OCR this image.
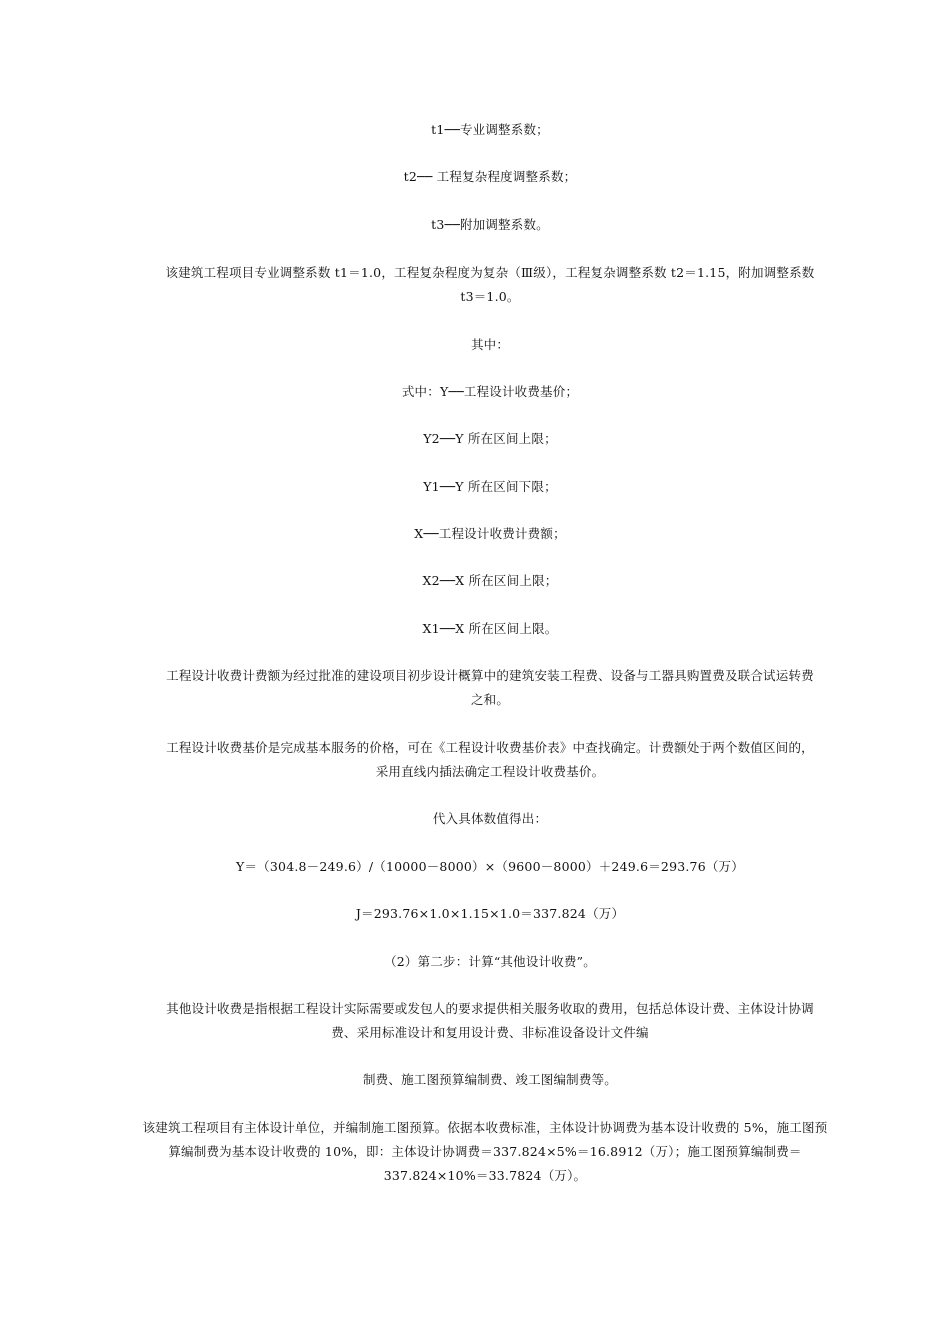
t1──专业调整系数；
t2── 工程复杂程度调整系数；
t3──附加调整系数。
该建筑工程项目专业调整系数 t1＝1.0，工程复杂程度为复杂（Ⅲ级），工程复杂调整系数 t2＝1.15，附加调整系数 t3＝1.0。
其中：
式中：Y──工程设计收费基价；
Y2──Y 所在区间上限；
Y1──Y 所在区间下限；
X──工程设计收费计费额；
X2──X 所在区间上限；
X1──X 所在区间上限。
工程设计收费计费额为经过批准的建设项目初步设计概算中的建筑安装工程费、设备与工器具购置费及联合试运转费之和。
工程设计收费基价是完成基本服务的价格，可在《工程设计收费基价表》中查找确定。计费额处于两个数值区间的，采用直线内插法确定工程设计收费基价。
代入具体数值得出：
Y＝（304.8－249.6）/（10000－8000）×（9600－8000）＋249.6＝293.76（万）
J＝293.76×1.0×1.15×1.0＝337.824（万）
（2）第二步：计算“其他设计收费”。
其他设计收费是指根据工程设计实际需要或发包人的要求提供相关服务收取的费用，包括总体设计费、主体设计协调费、采用标准设计和复用设计费、非标准设备设计文件编
制费、施工图预算编制费、竣工图编制费等。
该建筑工程项目有主体设计单位，并编制施工图预算。依据本收费标准，主体设计协调费为基本设计收费的 5%，施工图预算编制费为基本设计收费的 10%，即：主体设计协调费＝337.824×5%＝16.8912（万）；施工图预算编制费＝337.824×10%＝33.7824（万）。
